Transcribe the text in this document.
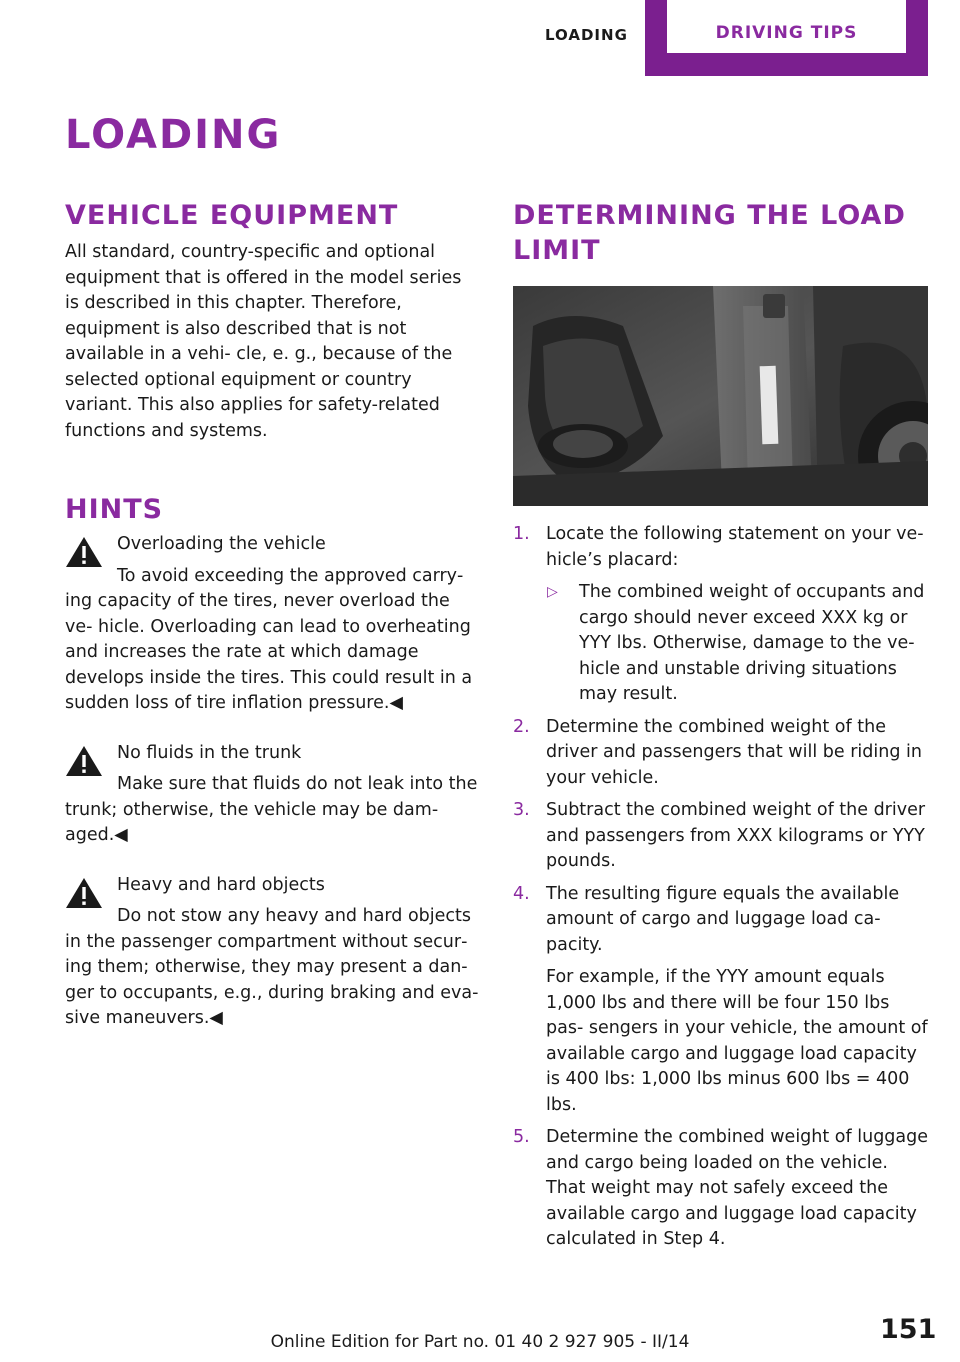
LOADING	DRIVING TIPS
LOADING
VEHICLE EQUIPMENT

All standard, country-specific and optional equipment that is offered in the model series is described in this chapter. Therefore, equipment is also described that is not available in a vehi‐ cle, e. g., because of the selected optional equipment or country variant. This also applies for safety-related functions and systems.

HINTS
Overloading the vehicle
To avoid exceeding the approved carry‐ ing capacity of the tires, never overload the ve‐ hicle. Overloading can lead to overheating and increases the rate at which damage develops inside the tires. This could result in a sudden loss of tire inflation pressure.◀
No fluids in the trunk
Make sure that fluids do not leak into the trunk; otherwise, the vehicle may be dam‐ aged.◀
Heavy and hard objects
Do not stow any heavy and hard objects in the passenger compartment without secur‐ ing them; otherwise, they may present a dan‐ ger to occupants, e.g., during braking and eva‐ sive maneuvers.◀
DETERMINING THE LOAD LIMIT
1. Locate the following statement on your ve‐ hicle’s placard:
▷ The combined weight of occupants and cargo should never exceed XXX kg or YYY lbs. Otherwise, damage to the ve‐ hicle and unstable driving situations may result.
2. Determine the combined weight of the driver and passengers that will be riding in your vehicle.
3. Subtract the combined weight of the driver and passengers from XXX kilograms or YYY pounds.
4. The resulting figure equals the available amount of cargo and luggage load ca‐ pacity.
For example, if the YYY amount equals 1,000 lbs and there will be four 150 lbs pas‐ sengers in your vehicle, the amount of available cargo and luggage load capacity is 400 lbs: 1,000 lbs minus 600 lbs = 400 lbs.
5. Determine the combined weight of luggage and cargo being loaded on the vehicle. That weight may not safely exceed the available cargo and luggage load capacity calculated in Step 4.
151
Online Edition for Part no. 01 40 2 927 905 - II/14
